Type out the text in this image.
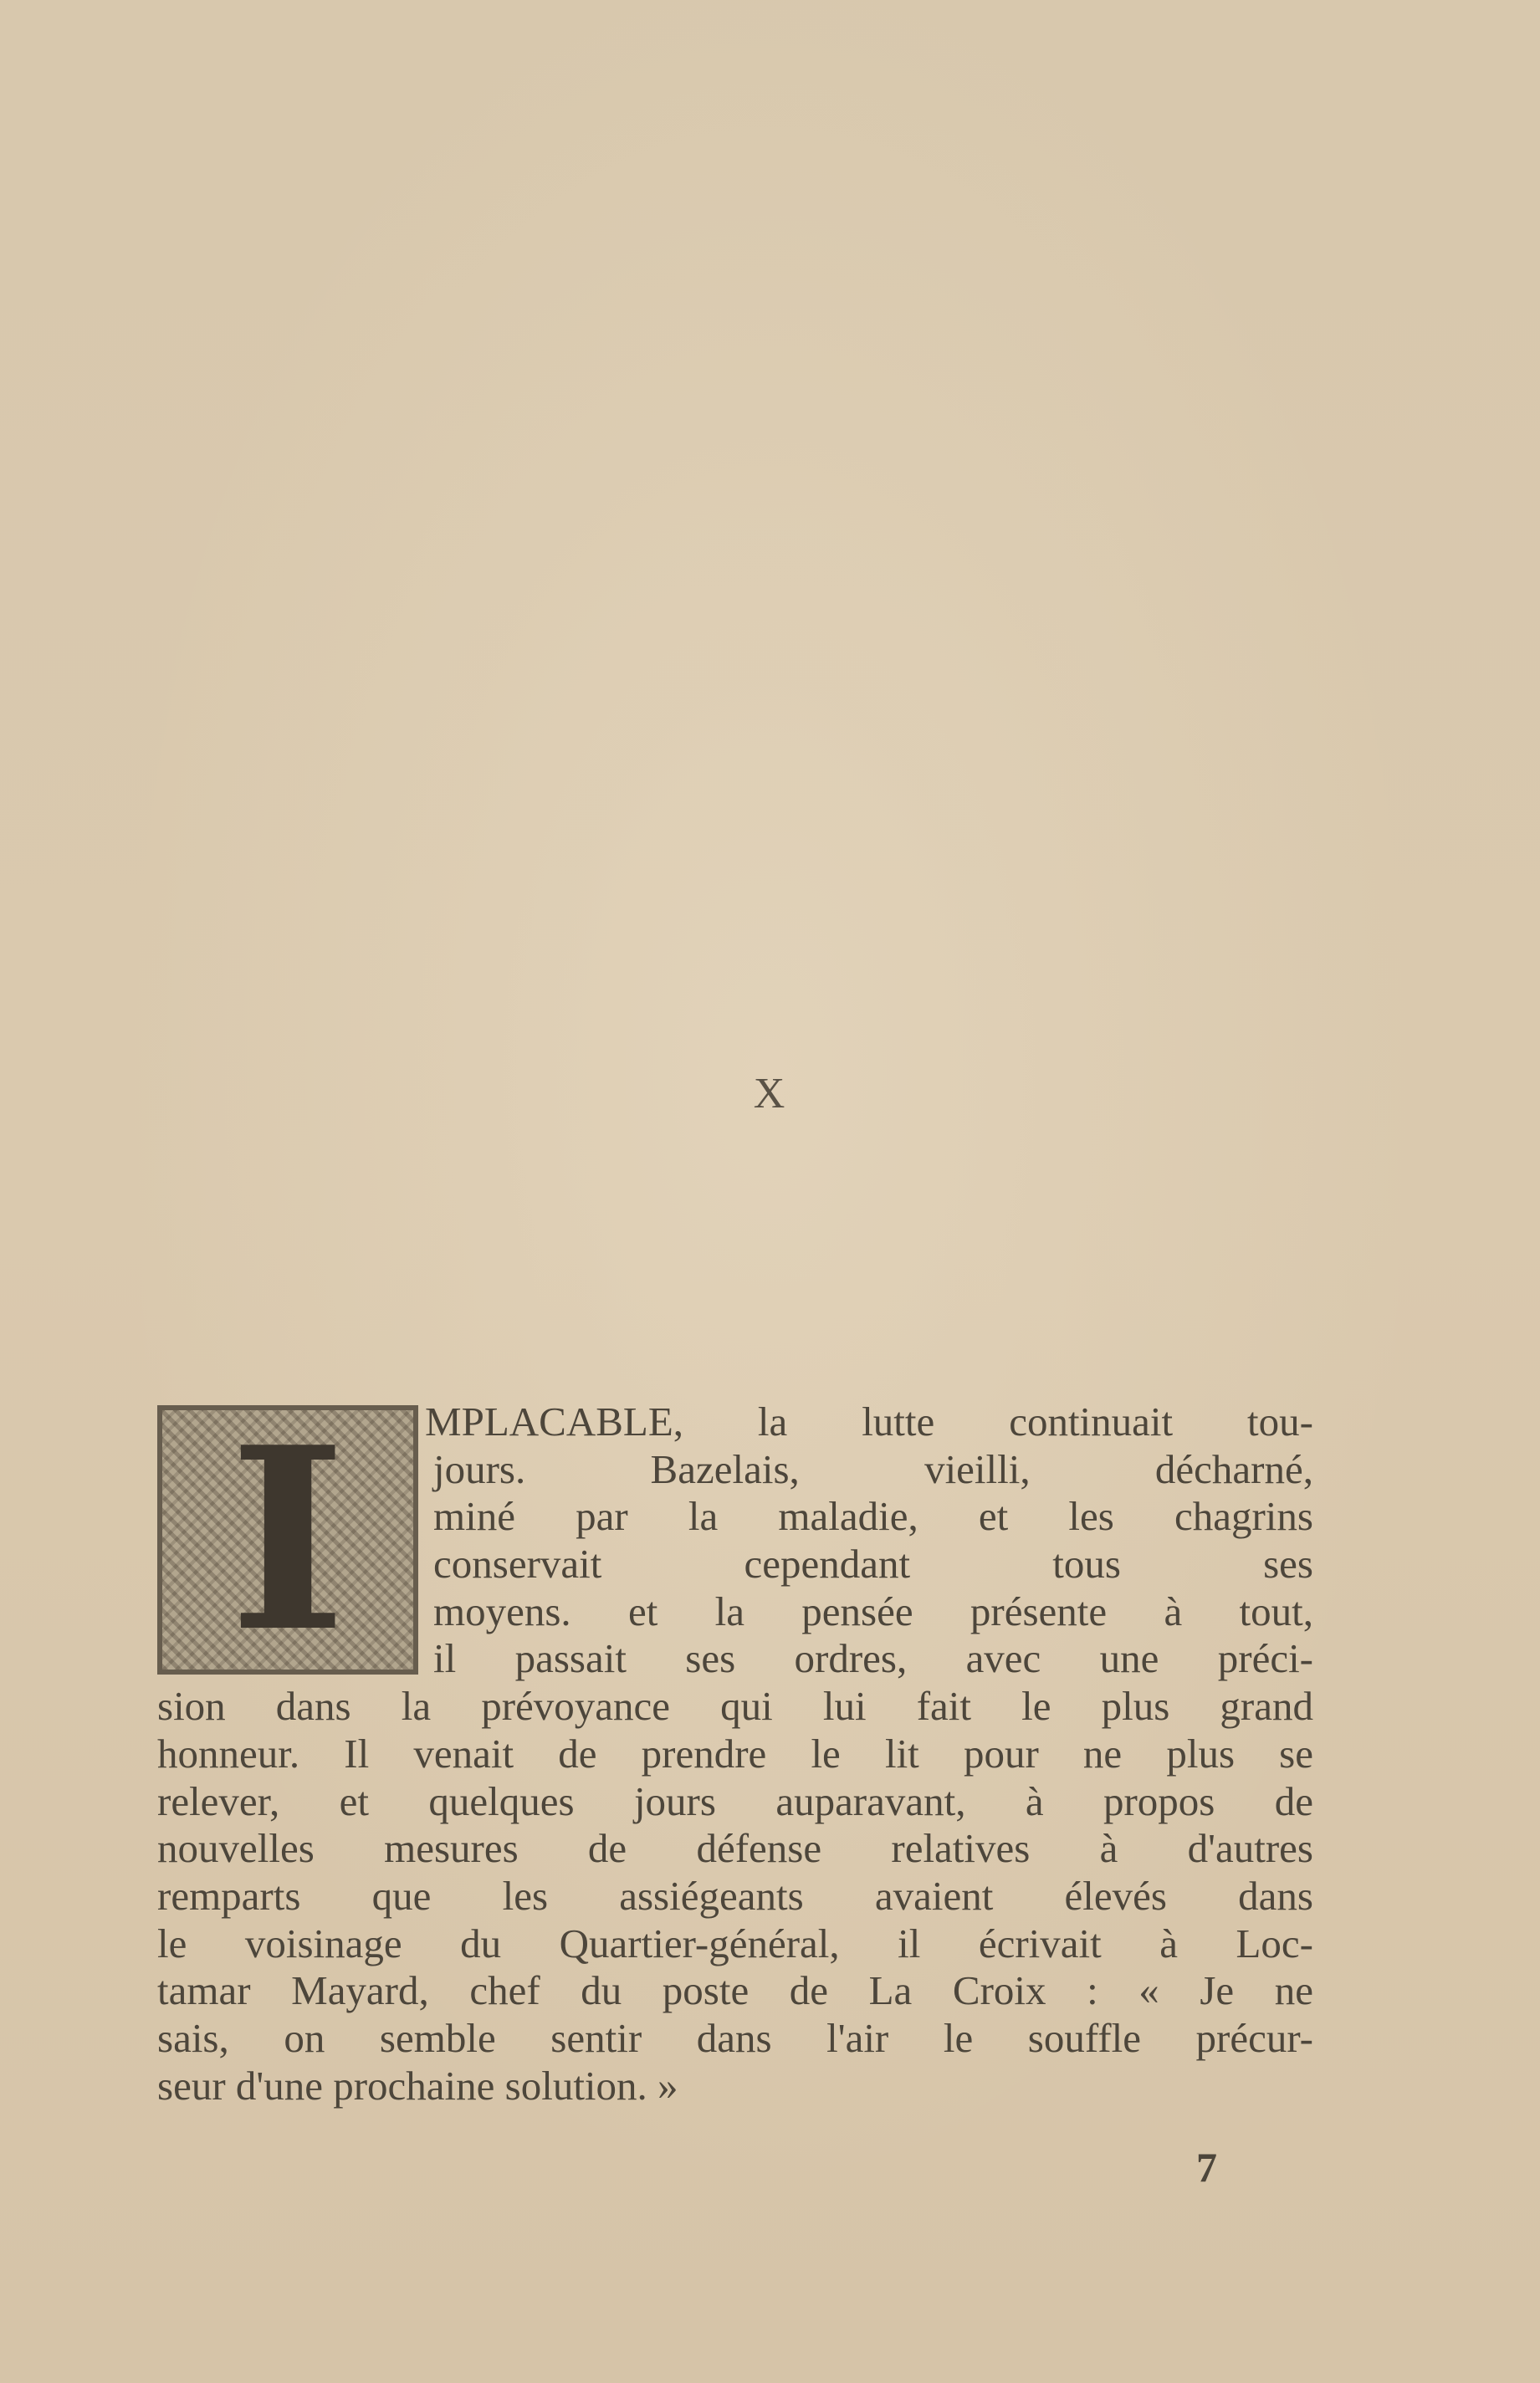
X
I	MPLACABLE, la lutte continuait tou-
jours. Bazelais, vieilli, décharné,
miné par la maladie, et les chagrins
conservait cependant tous ses
moyens. et la pensée présente à tout,
il passait ses ordres, avec une préci-
sion dans la prévoyance qui lui fait le plus grand
honneur. Il venait de prendre le lit pour ne plus se
relever, et quelques jours auparavant, à propos de
nouvelles mesures de défense relatives à d'autres
remparts que les assiégeants avaient élevés dans
le voisinage du Quartier-général, il écrivait à Loc-
tamar Mayard, chef du poste de La Croix : « Je ne
sais, on semble sentir dans l'air le souffle précur-
seur d'une prochaine solution. »
7
